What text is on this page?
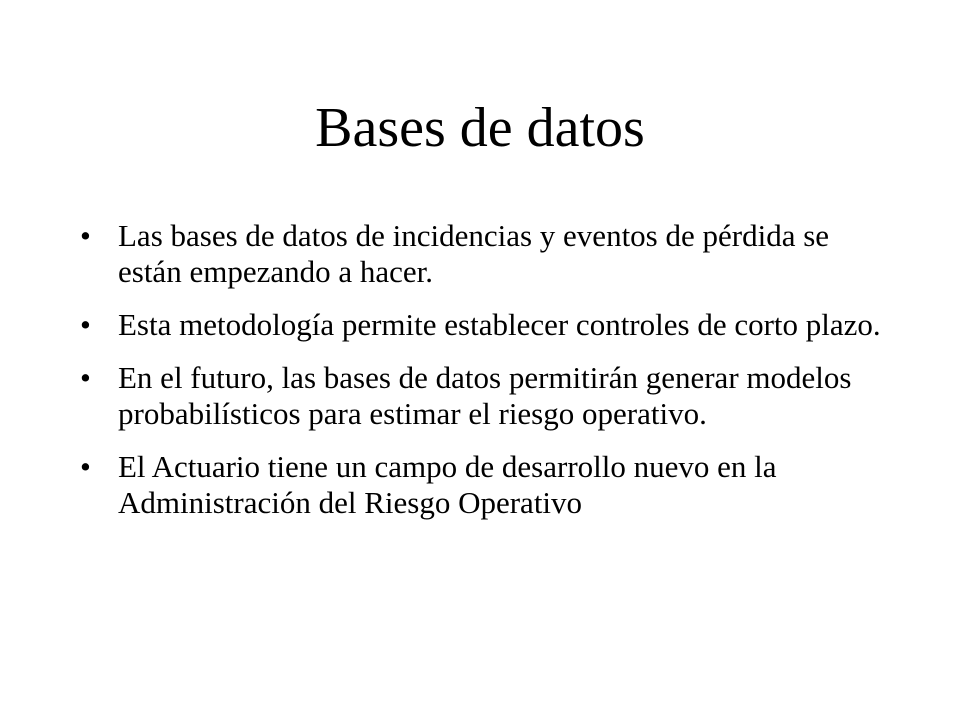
Bases de datos
• Las bases de datos de incidencias y eventos de pérdida se están empezando a hacer.
• Esta metodología permite establecer controles de corto plazo.
• En el futuro, las bases de datos permitirán generar modelos probabilísticos para estimar el riesgo operativo.
• El Actuario tiene un campo de desarrollo nuevo en la Administración del Riesgo Operativo
